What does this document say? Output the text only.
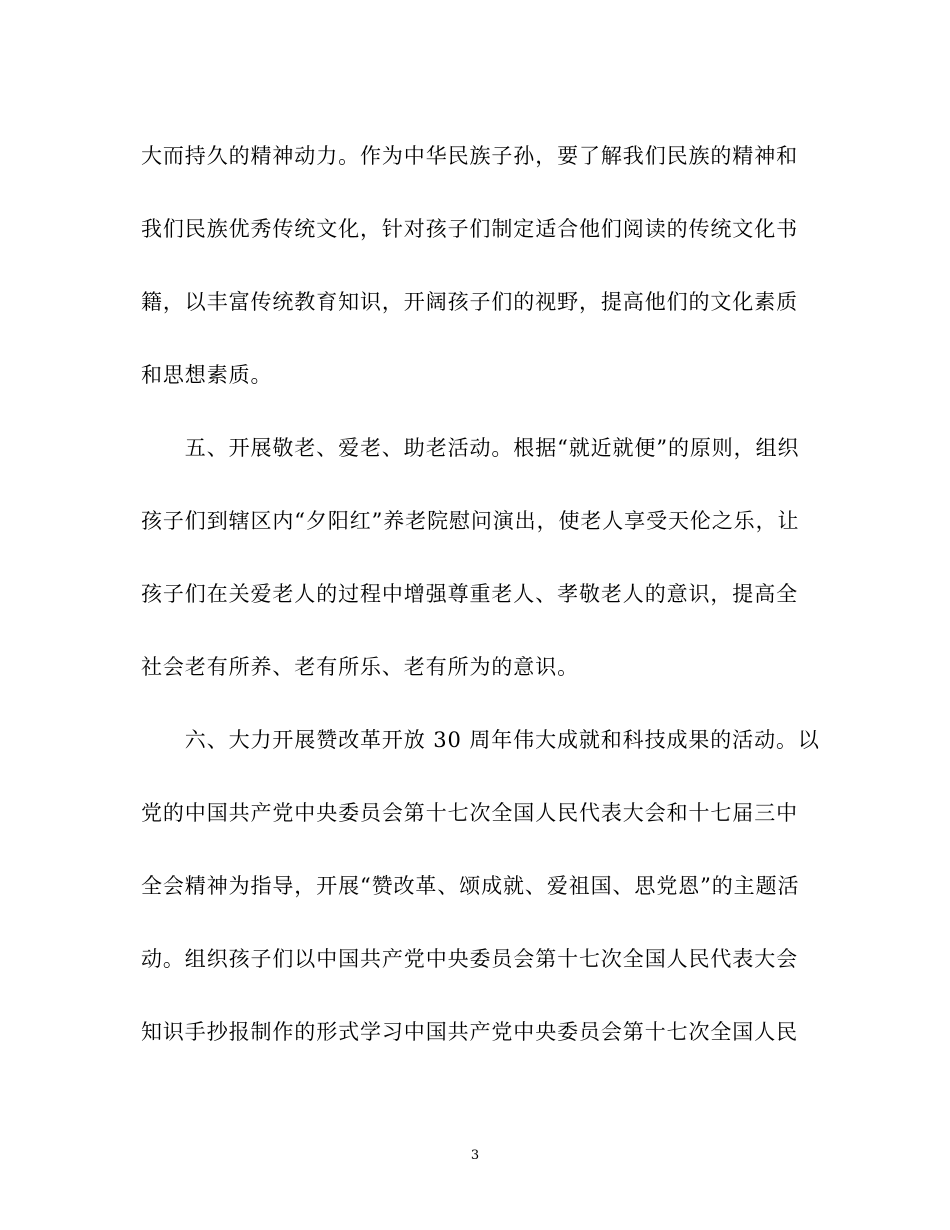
大而持久的精神动力。作为中华民族子孙，要了解我们民族的精神和
我们民族优秀传统文化，针对孩子们制定适合他们阅读的传统文化书
籍，以丰富传统教育知识，开阔孩子们的视野，提高他们的文化素质
和思想素质。
　　五、开展敬老、爱老、助老活动。根据“就近就便”的原则，组织
孩子们到辖区内“夕阳红”养老院慰问演出，使老人享受天伦之乐，让
孩子们在关爱老人的过程中增强尊重老人、孝敬老人的意识，提高全
社会老有所养、老有所乐、老有所为的意识。
　　六、大力开展赞改革开放 30 周年伟大成就和科技成果的活动。以
党的中国共产党中央委员会第十七次全国人民代表大会和十七届三中
全会精神为指导，开展“赞改革、颂成就、爱祖国、思党恩”的主题活
动。组织孩子们以中国共产党中央委员会第十七次全国人民代表大会
知识手抄报制作的形式学习中国共产党中央委员会第十七次全国人民
3
